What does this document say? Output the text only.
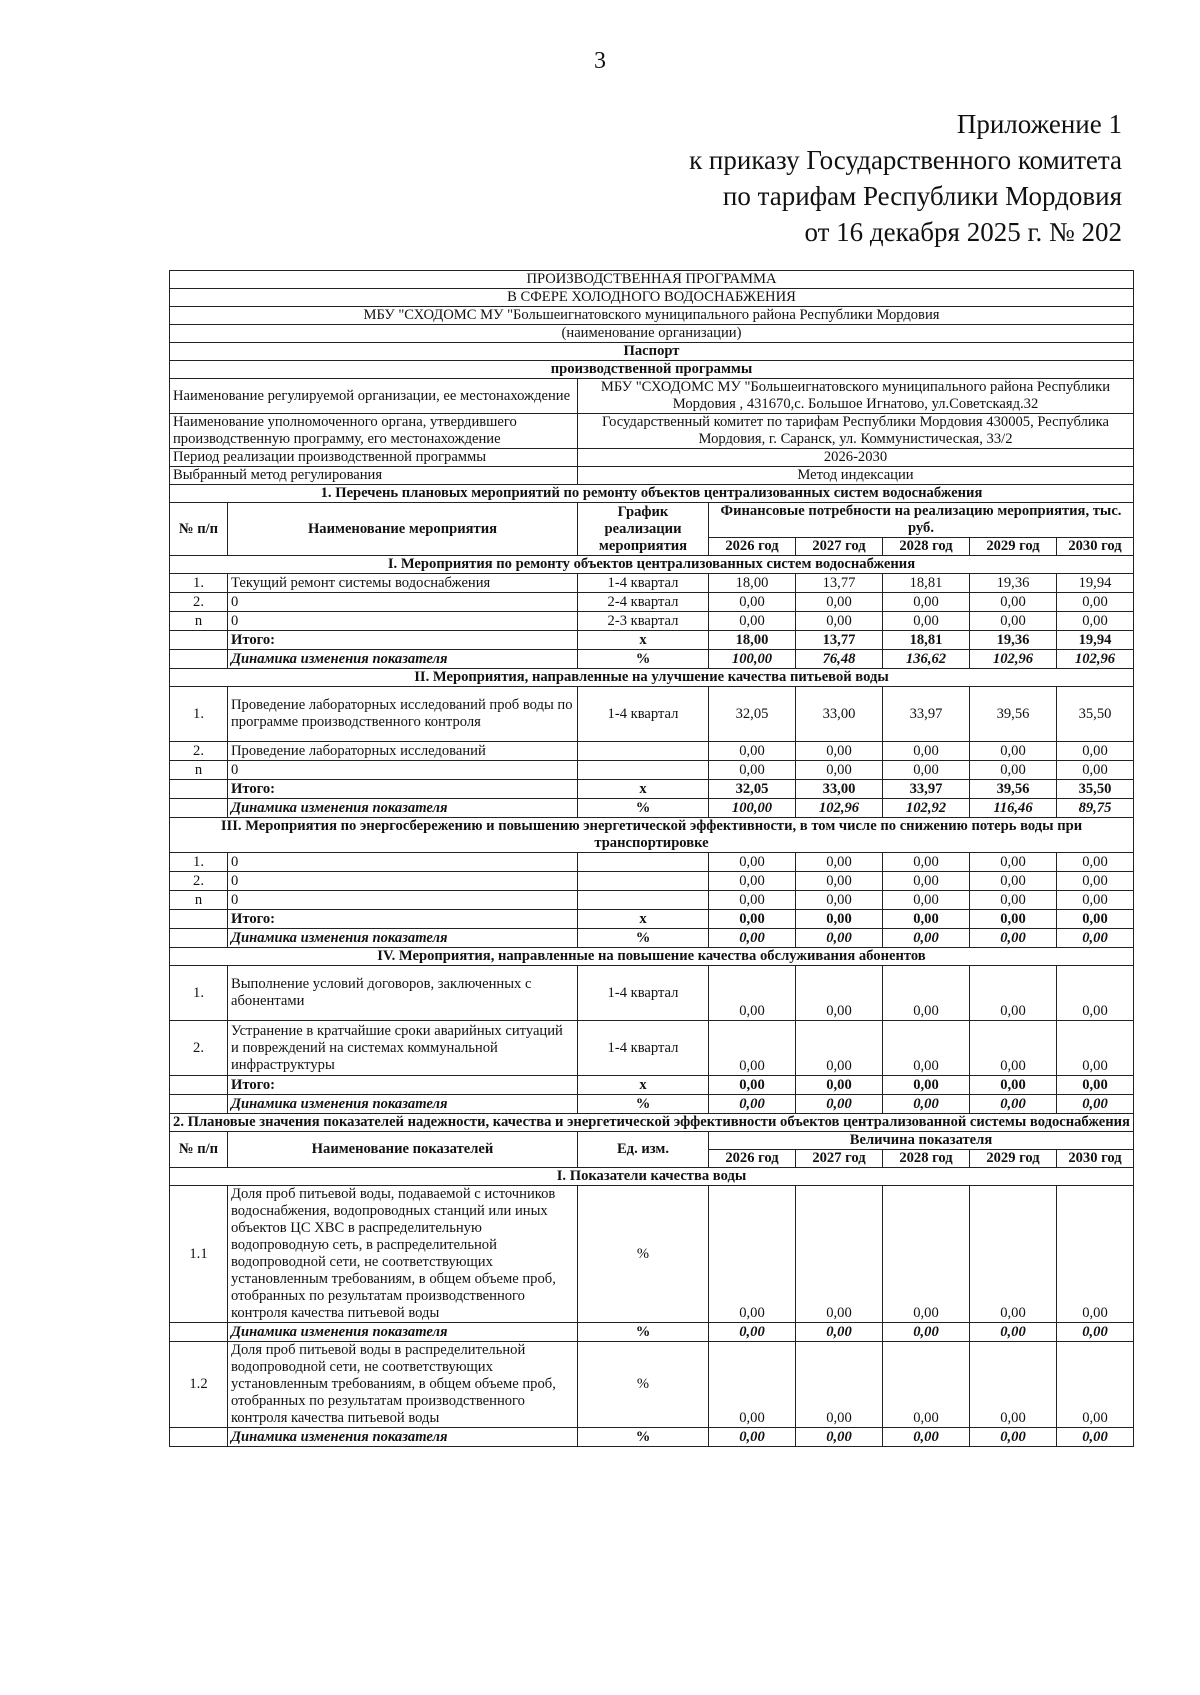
3
Приложение 1
к приказу Государственного комитета
по тарифам Республики Мордовия
от 16 декабря 2025 г. № 202
ПРОИЗВОДСТВЕННАЯ ПРОГРАММА							
В СФЕРЕ ХОЛОДНОГО ВОДОСНАБЖЕНИЯ							
МБУ "СХОДОМС МУ "Большеигнатовского муниципального района Республики Мордовия							
(наименование организации)							
Паспорт							
производственной программы							
Наименование регулируемой организации, ее местонахождение		МБУ "СХОДОМС МУ "Большеигнатовского муниципального района Республики Мордовия , 431670,с. Большое Игнатово, ул.Советскаяд.32					
Наименование уполномоченного органа, утвердившего производственную программу, его местонахождение		Государственный комитет по тарифам Республики Мордовия 430005, Республика Мордовия, г. Саранск, ул. Коммунистическая, 33/2					
Период реализации производственной программы		2026-2030					
Выбранный метод регулирования		Метод индексации					
1. Перечень плановых мероприятий по ремонту объектов централизованных систем водоснабжения							
№ п/п	Наименование мероприятия	График реализации мероприятия	Финансовые потребности на реализацию мероприятия, тыс. руб.				
			2026 год	2027 год	2028 год	2029 год	2030 год
I. Мероприятия по ремонту объектов централизованных систем водоснабжения							
1.	Текущий ремонт системы водоснабжения	1-4 квартал	18,00	13,77	18,81	19,36	19,94
2.	0	2-4 квартал	0,00	0,00	0,00	0,00	0,00
n	0	2-3 квартал	0,00	0,00	0,00	0,00	0,00
	Итого:	х	18,00	13,77	18,81	19,36	19,94
	Динамика изменения показателя	%	100,00	76,48	136,62	102,96	102,96
II. Мероприятия, направленные на улучшение качества питьевой воды							
1.	Проведение лабораторных исследований проб воды по программе производственного контроля	1-4 квартал	32,05	33,00	33,97	39,56	35,50
2.	Проведение лабораторных исследований		0,00	0,00	0,00	0,00	0,00
n	0		0,00	0,00	0,00	0,00	0,00
	Итого:	х	32,05	33,00	33,97	39,56	35,50
	Динамика изменения показателя	%	100,00	102,96	102,92	116,46	89,75
III. Мероприятия по энергосбережению и повышению энергетической эффективности, в том числе по снижению потерь воды при транспортировке							
1.	0		0,00	0,00	0,00	0,00	0,00
2.	0		0,00	0,00	0,00	0,00	0,00
n	0		0,00	0,00	0,00	0,00	0,00
	Итого:	х	0,00	0,00	0,00	0,00	0,00
	Динамика изменения показателя	%	0,00	0,00	0,00	0,00	0,00
IV. Мероприятия, направленные на повышение качества обслуживания абонентов							
1.	Выполнение условий договоров, заключенных с абонентами	1-4 квартал	0,00	0,00	0,00	0,00	0,00
2.	Устранение в кратчайшие сроки аварийных ситуаций и повреждений на системах коммунальной инфраструктуры	1-4 квартал	0,00	0,00	0,00	0,00	0,00
	Итого:	х	0,00	0,00	0,00	0,00	0,00
	Динамика изменения показателя	%	0,00	0,00	0,00	0,00	0,00
2. Плановые значения показателей надежности, качества и энергетической эффективности объектов централизованной системы водоснабжения							
№ п/п	Наименование показателей	Ед. изм.	Величина показателя				
			2026 год	2027 год	2028 год	2029 год	2030 год
I. Показатели качества воды							
1.1	Доля проб питьевой воды, подаваемой с источников водоснабжения, водопроводных станций или иных объектов ЦС ХВС в распределительную водопроводную сеть, в распределительной водопроводной сети, не соответствующих установленным требованиям, в общем объеме проб, отобранных по результатам производственного контроля качества питьевой воды	%	0,00	0,00	0,00	0,00	0,00
	Динамика изменения показателя	%	0,00	0,00	0,00	0,00	0,00
1.2	Доля проб питьевой воды в распределительной водопроводной сети, не соответствующих установленным требованиям, в общем объеме проб, отобранных по результатам производственного контроля качества питьевой воды	%	0,00	0,00	0,00	0,00	0,00
	Динамика изменения показателя	%	0,00	0,00	0,00	0,00	0,00
